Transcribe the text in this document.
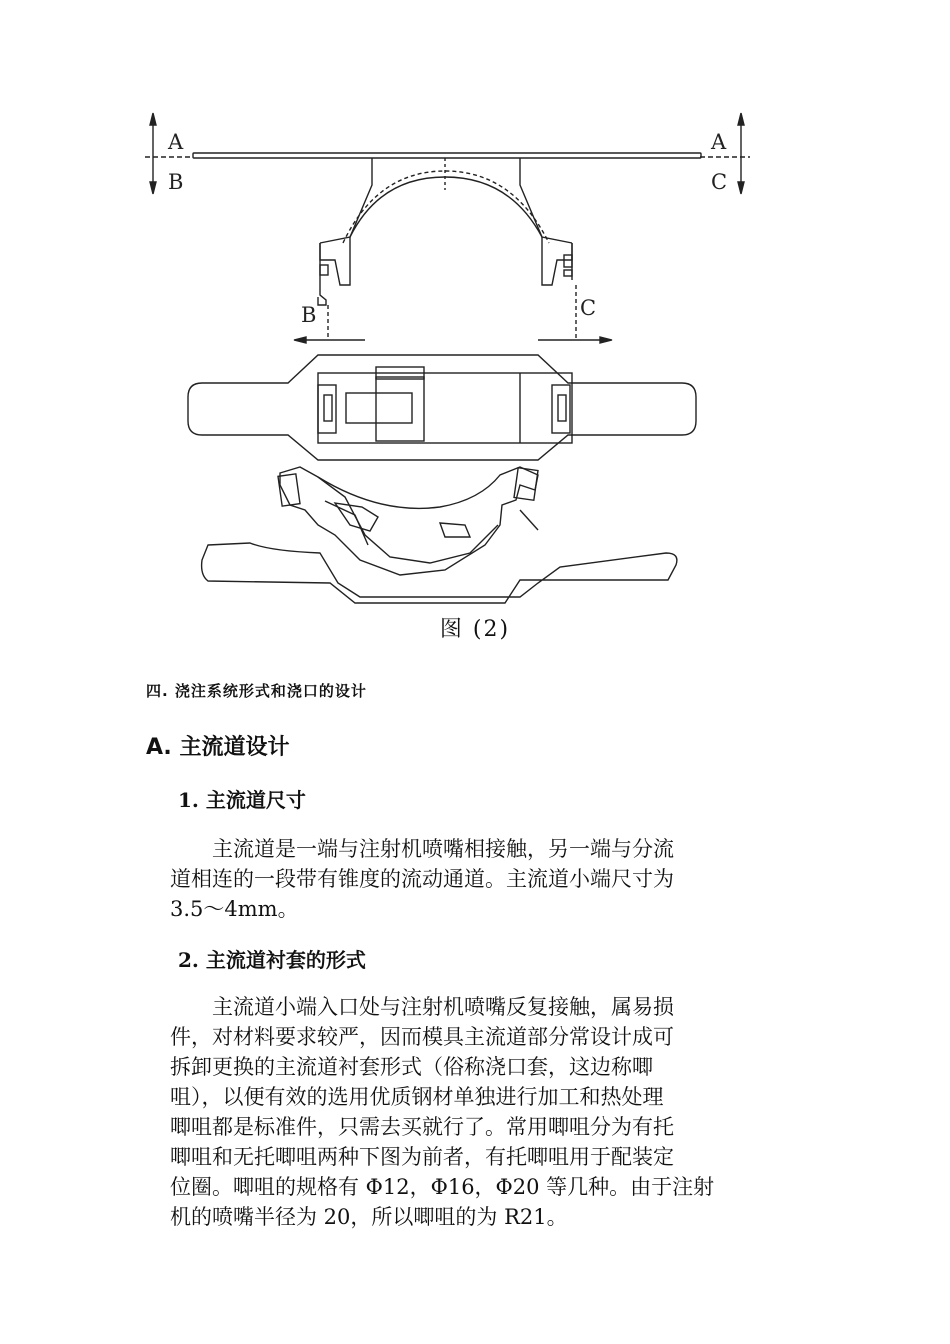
A
B
A
C
B	C
图 (2)
四. 浇注系统形式和浇口的设计
A. 主流道设计
1. 主流道尺寸

主流道是一端与注射机喷嘴相接触，另一端与分流

道相连的一段带有锥度的流动通道。主流道小端尺寸为

3.5～4mm。

2. 主流道衬套的形式

主流道小端入口处与注射机喷嘴反复接触，属易损

件，对材料要求较严，因而模具主流道部分常设计成可

拆卸更换的主流道衬套形式（俗称浇口套，这边称唧

咀），以便有效的选用优质钢材单独进行加工和热处理

唧咀都是标准件，只需去买就行了。常用唧咀分为有托

唧咀和无托唧咀两种下图为前者，有托唧咀用于配装定

位圈。唧咀的规格有 Φ12，Φ16，Φ20 等几种。由于注射

机的喷嘴半径为 20，所以唧咀的为 R21。
